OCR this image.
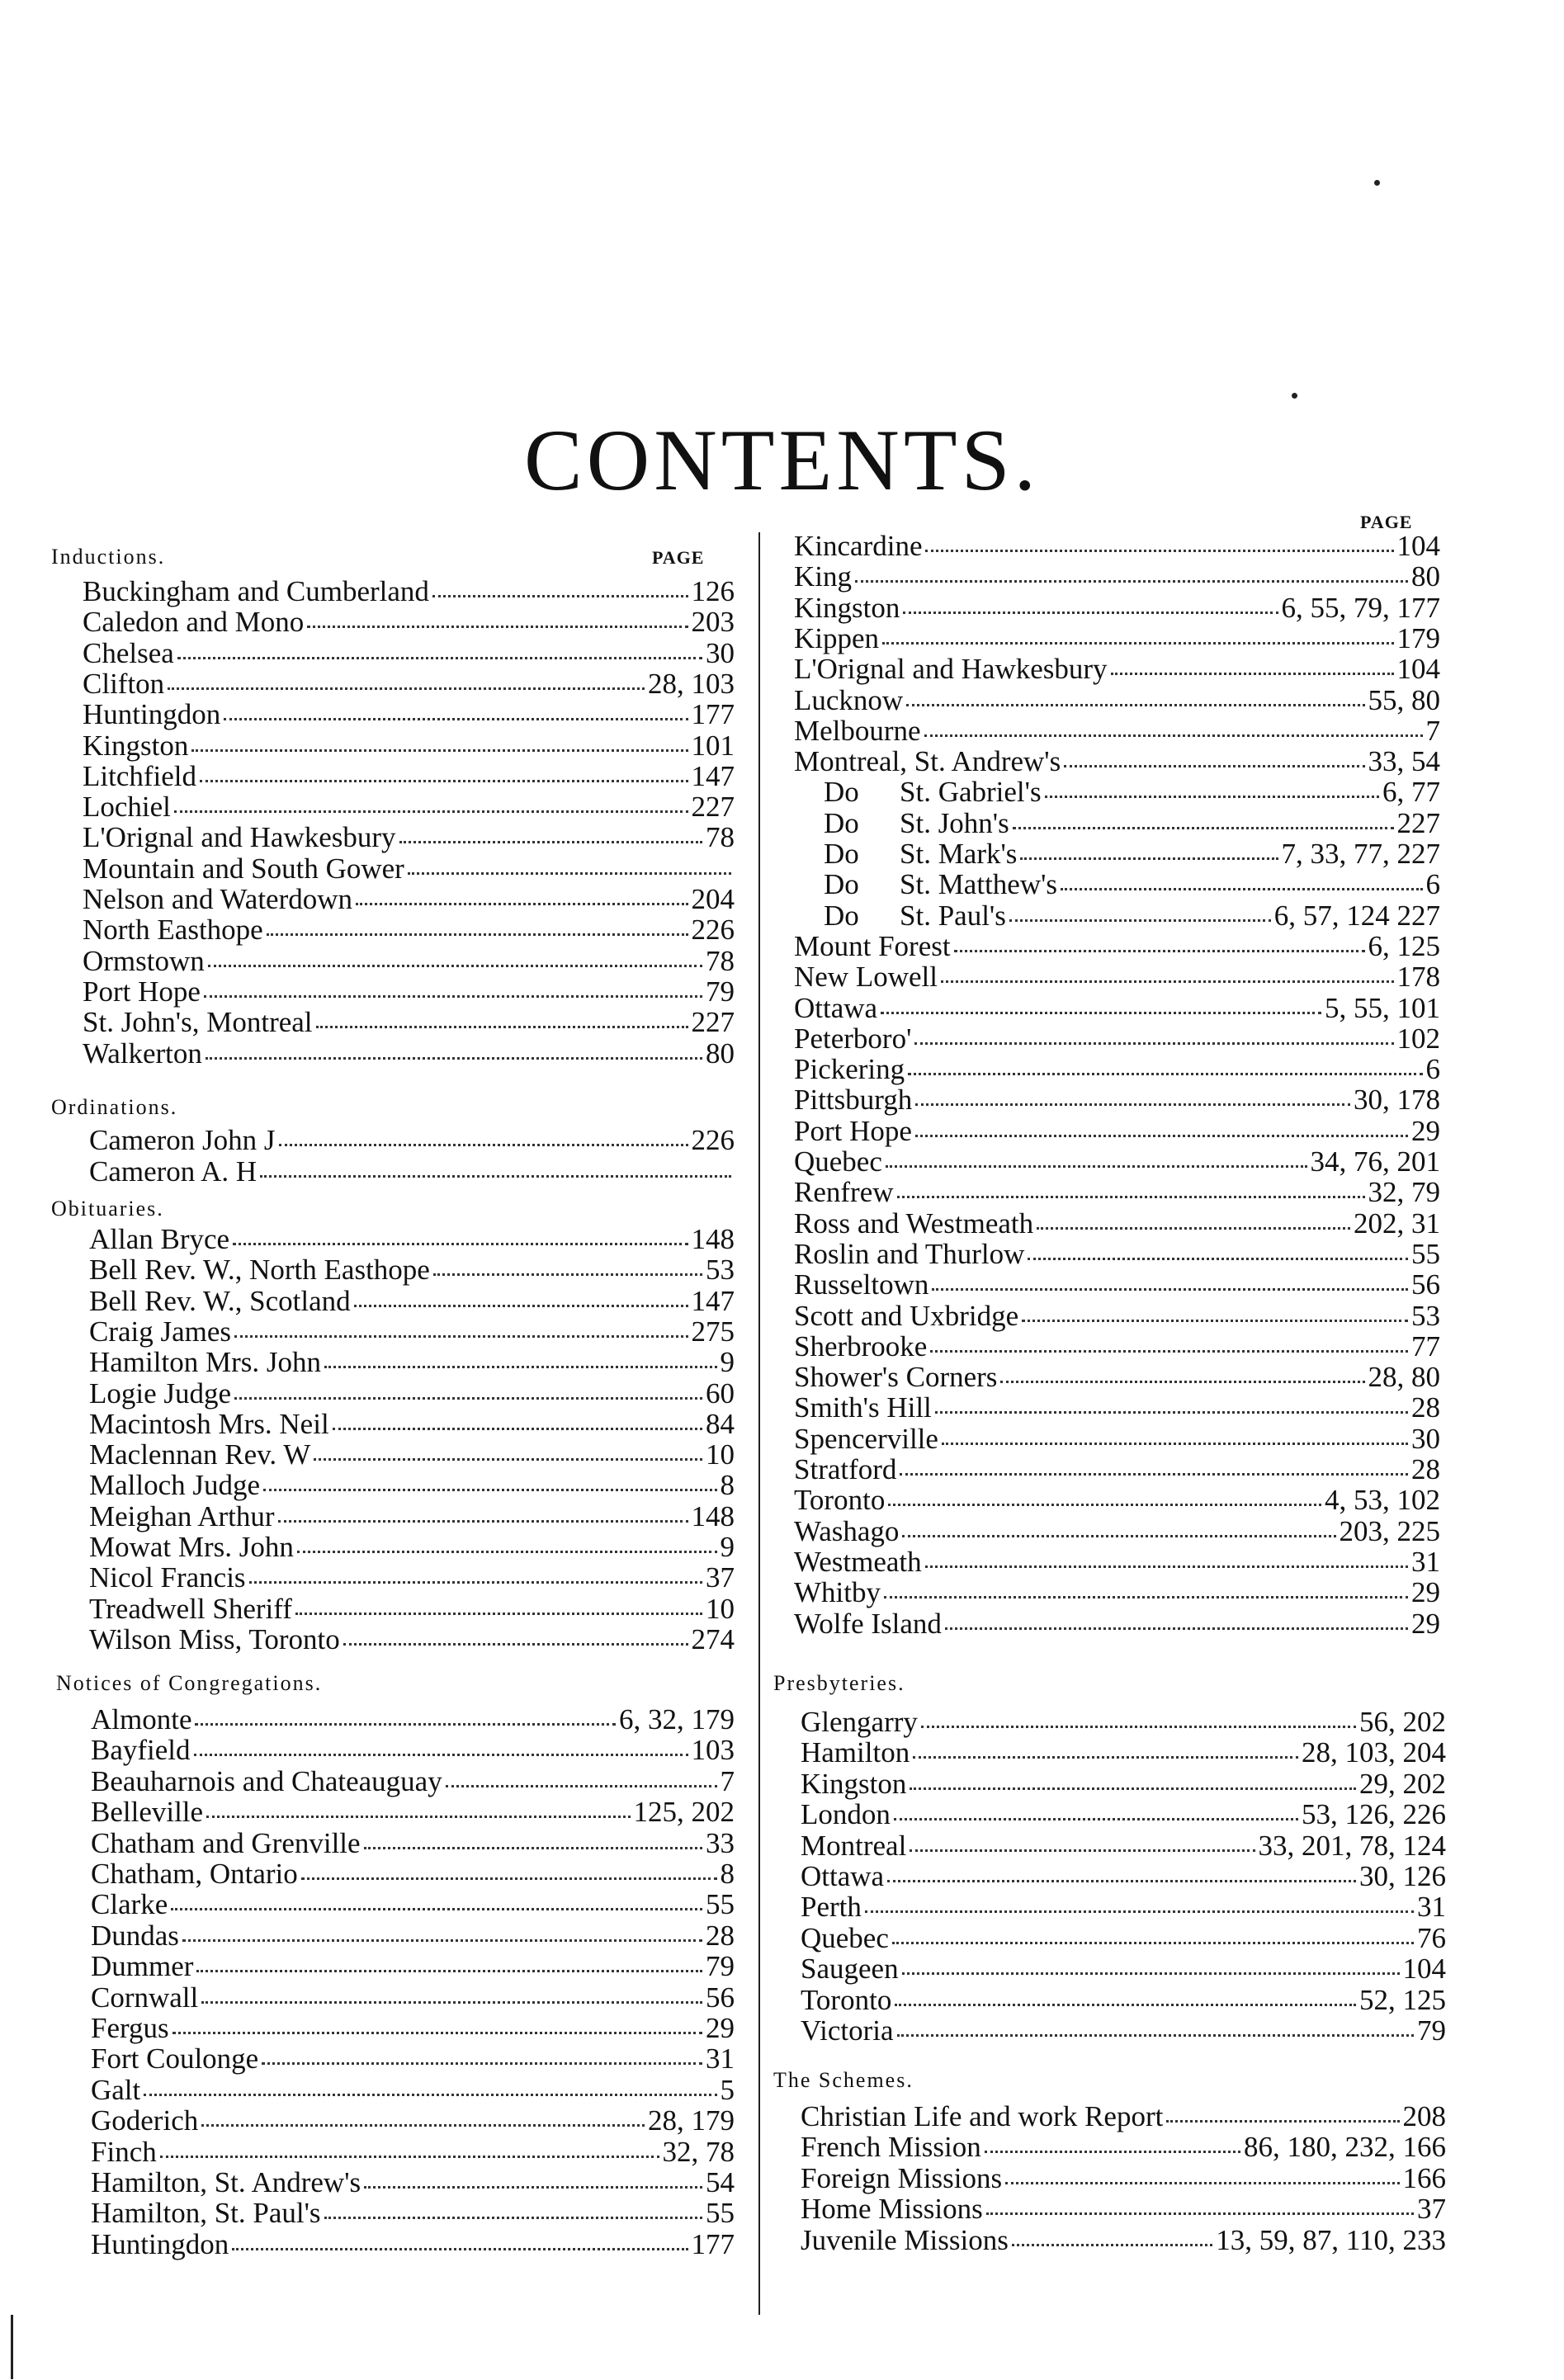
CONTENTS.
PAGE
Inductions.	PAGE
Buckingham and Cumberland	126
Caledon and Mono	203
Chelsea	30
Clifton	28, 103
Huntingdon	177
Kingston	101
Litchfield	147
Lochiel	227
L'Orignal and Hawkesbury	78
Mountain and South Gower
Nelson and Waterdown	204
North Easthope	226
Ormstown	78
Port Hope	79
St. John's, Montreal	227
Walkerton	80
Ordinations.
Cameron John J	226
Cameron A. H
Obituaries.
Allan Bryce	148
Bell Rev. W., North Easthope	53
Bell Rev. W., Scotland	147
Craig James	275
Hamilton Mrs. John	9
Logie Judge	60
Macintosh Mrs. Neil	84
Maclennan Rev. W	10
Malloch Judge	8
Meighan Arthur	148
Mowat Mrs. John	9
Nicol Francis	37
Treadwell Sheriff	10
Wilson Miss, Toronto	274
Notices of Congregations.
Almonte	6, 32, 179
Bayfield	103
Beauharnois and Chateauguay	7
Belleville	125, 202
Chatham and Grenville	33
Chatham, Ontario	8
Clarke	55
Dundas	28
Dummer	79
Cornwall	56
Fergus	29
Fort Coulonge	31
Galt	5
Goderich	28, 179
Finch	32, 78
Hamilton, St. Andrew's	54
Hamilton, St. Paul's	55
Huntingdon	177
Kincardine	104
King	80
Kingston	6, 55, 79, 177
Kippen	179
L'Orignal and Hawkesbury	104
Lucknow	55, 80
Melbourne	7
Montreal, St. Andrew's	33, 54
Do	St. Gabriel's	6, 77
Do	St. John's	227
Do	St. Mark's	7, 33, 77, 227
Do	St. Matthew's	6
Do	St. Paul's	6, 57, 124 227
Mount Forest	6, 125
New Lowell	178
Ottawa	5, 55, 101
Peterboro'	102
Pickering	6
Pittsburgh	30, 178
Port Hope	29
Quebec	34, 76, 201
Renfrew	32, 79
Ross and Westmeath	202, 31
Roslin and Thurlow	55
Russeltown	56
Scott and Uxbridge	53
Sherbrooke	77
Shower's Corners	28, 80
Smith's Hill	28
Spencerville	30
Stratford	28
Toronto	4, 53, 102
Washago	203, 225
Westmeath	31
Whitby	29
Wolfe Island	29
Presbyteries.
Glengarry	56, 202
Hamilton	28, 103, 204
Kingston	29, 202
London	53, 126, 226
Montreal	33, 201, 78, 124
Ottawa	30, 126
Perth	31
Quebec	76
Saugeen	104
Toronto	52, 125
Victoria	79
The Schemes.
Christian Life and work Report	208
French Mission	86, 180, 232, 166
Foreign Missions	166
Home Missions	37
Juvenile Missions	13, 59, 87, 110, 233
